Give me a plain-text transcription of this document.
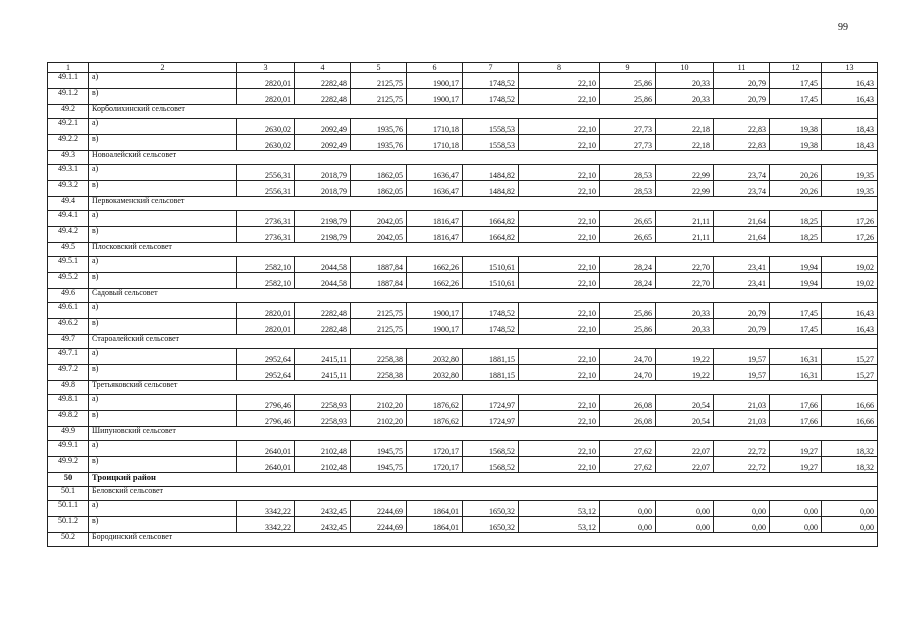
99
1	2	3	4	5	6	7	8	9	10	11	12	13
49.1.1	а)	2820,01	2282,48	2125,75	1900,17	1748,52	22,10	25,86	20,33	20,79	17,45	16,43
49.1.2	в)	2820,01	2282,48	2125,75	1900,17	1748,52	22,10	25,86	20,33	20,79	17,45	16,43
49.2	Корболихинский сельсовет											
49.2.1	а)	2630,02	2092,49	1935,76	1710,18	1558,53	22,10	27,73	22,18	22,83	19,38	18,43
49.2.2	в)	2630,02	2092,49	1935,76	1710,18	1558,53	22,10	27,73	22,18	22,83	19,38	18,43
49.3	Новоалейский сельсовет											
49.3.1	а)	2556,31	2018,79	1862,05	1636,47	1484,82	22,10	28,53	22,99	23,74	20,26	19,35
49.3.2	в)	2556,31	2018,79	1862,05	1636,47	1484,82	22,10	28,53	22,99	23,74	20,26	19,35
49.4	Первокаменский сельсовет											
49.4.1	а)	2736,31	2198,79	2042,05	1816,47	1664,82	22,10	26,65	21,11	21,64	18,25	17,26
49.4.2	в)	2736,31	2198,79	2042,05	1816,47	1664,82	22,10	26,65	21,11	21,64	18,25	17,26
49.5	Плосковский сельсовет											
49.5.1	а)	2582,10	2044,58	1887,84	1662,26	1510,61	22,10	28,24	22,70	23,41	19,94	19,02
49.5.2	в)	2582,10	2044,58	1887,84	1662,26	1510,61	22,10	28,24	22,70	23,41	19,94	19,02
49.6	Садовый сельсовет											
49.6.1	а)	2820,01	2282,48	2125,75	1900,17	1748,52	22,10	25,86	20,33	20,79	17,45	16,43
49.6.2	в)	2820,01	2282,48	2125,75	1900,17	1748,52	22,10	25,86	20,33	20,79	17,45	16,43
49.7	Староалейский сельсовет											
49.7.1	а)	2952,64	2415,11	2258,38	2032,80	1881,15	22,10	24,70	19,22	19,57	16,31	15,27
49.7.2	в)	2952,64	2415,11	2258,38	2032,80	1881,15	22,10	24,70	19,22	19,57	16,31	15,27
49.8	Третьяковский сельсовет											
49.8.1	а)	2796,46	2258,93	2102,20	1876,62	1724,97	22,10	26,08	20,54	21,03	17,66	16,66
49.8.2	в)	2796,46	2258,93	2102,20	1876,62	1724,97	22,10	26,08	20,54	21,03	17,66	16,66
49.9	Шипуновский сельсовет											
49.9.1	а)	2640,01	2102,48	1945,75	1720,17	1568,52	22,10	27,62	22,07	22,72	19,27	18,32
49.9.2	в)	2640,01	2102,48	1945,75	1720,17	1568,52	22,10	27,62	22,07	22,72	19,27	18,32
50	Троицкий район											
50.1	Беловский сельсовет											
50.1.1	а)	3342,22	2432,45	2244,69	1864,01	1650,32	53,12	0,00	0,00	0,00	0,00	0,00
50.1.2	в)	3342,22	2432,45	2244,69	1864,01	1650,32	53,12	0,00	0,00	0,00	0,00	0,00
50.2	Бородинский сельсовет											
